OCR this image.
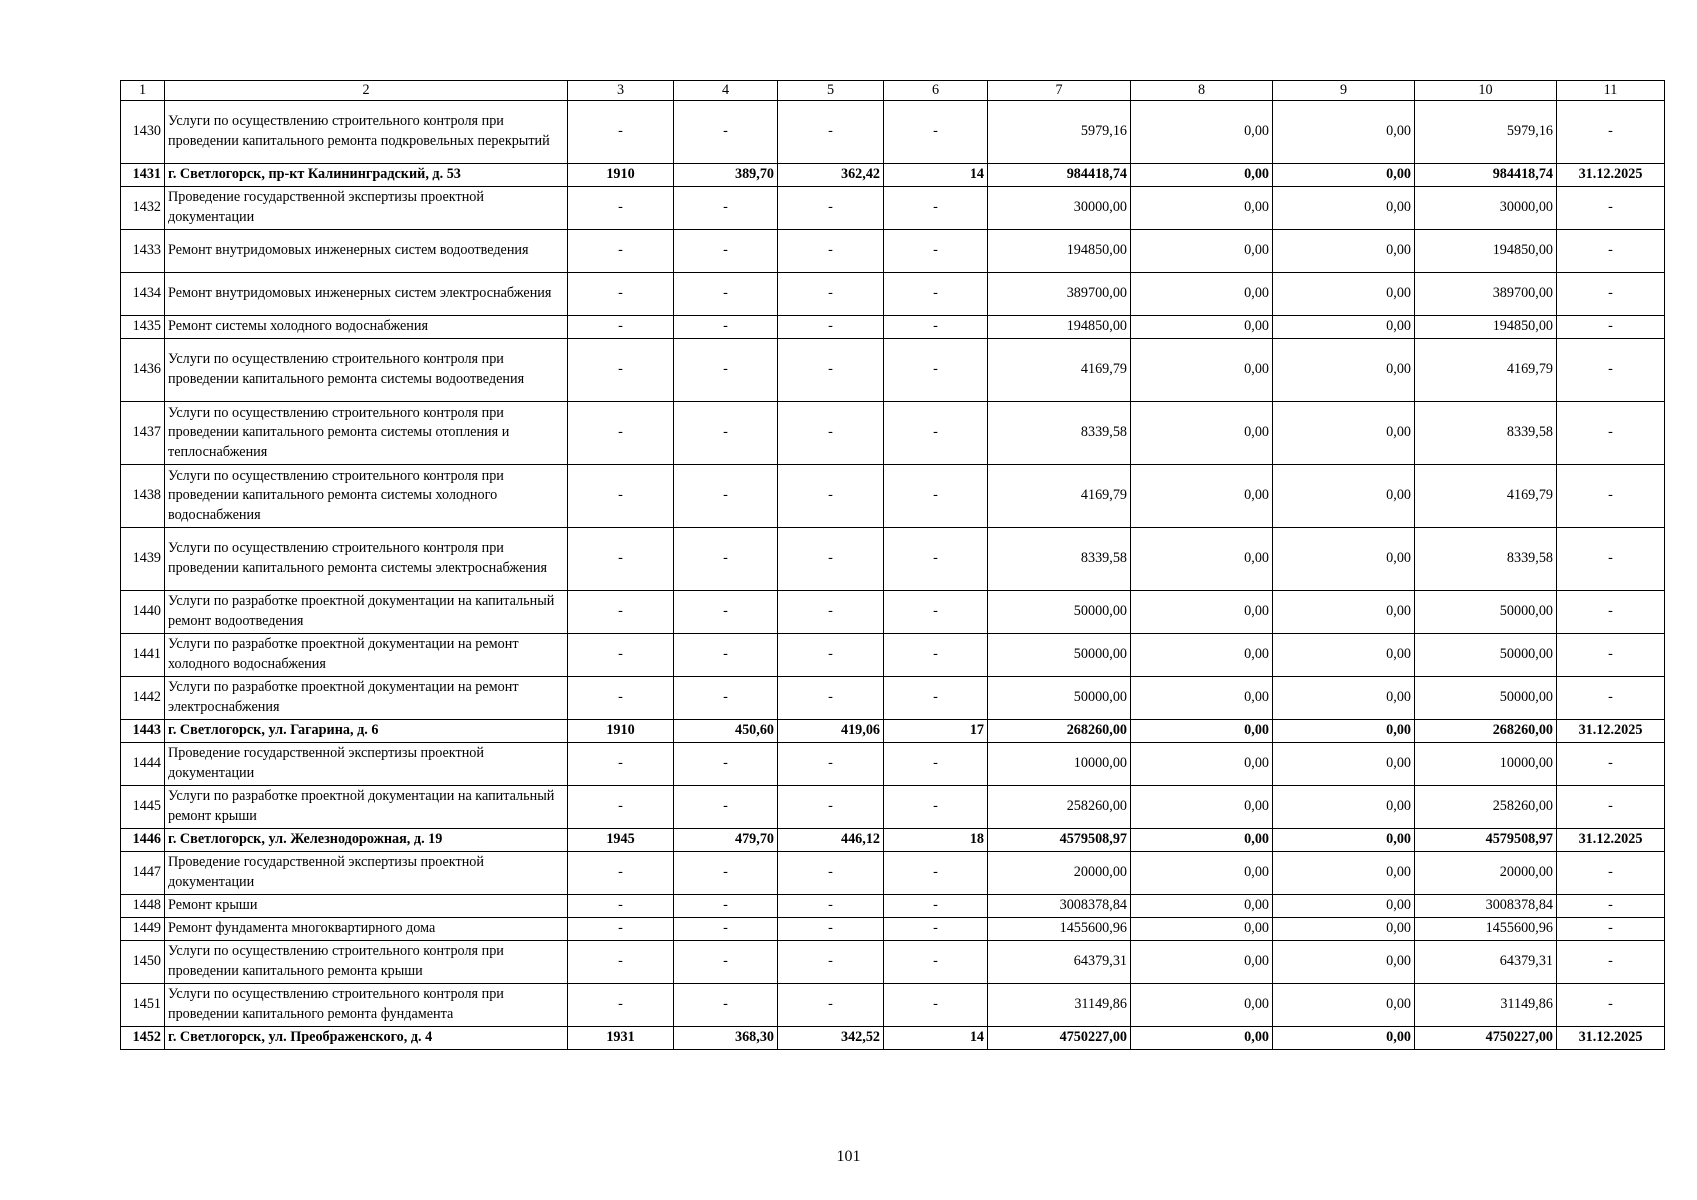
1	2	3	4	5	6	7	8	9	10	11
1430	Услуги по осуществлению строительного контроля при проведении капитального ремонта подкровельных перекрытий	-	-	-	-	5979,16	0,00	0,00	5979,16	-
1431	г. Светлогорск, пр-кт Калининградский, д. 53	1910	389,70	362,42	14	984418,74	0,00	0,00	984418,74	31.12.2025
1432	Проведение государственной экспертизы проектной документации	-	-	-	-	30000,00	0,00	0,00	30000,00	-
1433	Ремонт внутридомовых инженерных систем водоотведения	-	-	-	-	194850,00	0,00	0,00	194850,00	-
1434	Ремонт внутридомовых инженерных систем электроснабжения	-	-	-	-	389700,00	0,00	0,00	389700,00	-
1435	Ремонт системы холодного водоснабжения	-	-	-	-	194850,00	0,00	0,00	194850,00	-
1436	Услуги по осуществлению строительного контроля при проведении капитального ремонта системы водоотведения	-	-	-	-	4169,79	0,00	0,00	4169,79	-
1437	Услуги по осуществлению строительного контроля при проведении капитального ремонта системы отопления и теплоснабжения	-	-	-	-	8339,58	0,00	0,00	8339,58	-
1438	Услуги по осуществлению строительного контроля при проведении капитального ремонта системы холодного водоснабжения	-	-	-	-	4169,79	0,00	0,00	4169,79	-
1439	Услуги по осуществлению строительного контроля при проведении капитального ремонта системы электроснабжения	-	-	-	-	8339,58	0,00	0,00	8339,58	-
1440	Услуги по разработке проектной документации на капитальный ремонт водоотведения	-	-	-	-	50000,00	0,00	0,00	50000,00	-
1441	Услуги по разработке проектной документации на ремонт холодного водоснабжения	-	-	-	-	50000,00	0,00	0,00	50000,00	-
1442	Услуги по разработке проектной документации на ремонт электроснабжения	-	-	-	-	50000,00	0,00	0,00	50000,00	-
1443	г. Светлогорск, ул. Гагарина, д. 6	1910	450,60	419,06	17	268260,00	0,00	0,00	268260,00	31.12.2025
1444	Проведение государственной экспертизы проектной документации	-	-	-	-	10000,00	0,00	0,00	10000,00	-
1445	Услуги по разработке проектной документации на капитальный ремонт крыши	-	-	-	-	258260,00	0,00	0,00	258260,00	-
1446	г. Светлогорск, ул. Железнодорожная, д. 19	1945	479,70	446,12	18	4579508,97	0,00	0,00	4579508,97	31.12.2025
1447	Проведение государственной экспертизы проектной документации	-	-	-	-	20000,00	0,00	0,00	20000,00	-
1448	Ремонт крыши	-	-	-	-	3008378,84	0,00	0,00	3008378,84	-
1449	Ремонт фундамента многоквартирного дома	-	-	-	-	1455600,96	0,00	0,00	1455600,96	-
1450	Услуги по осуществлению строительного контроля при проведении капитального ремонта крыши	-	-	-	-	64379,31	0,00	0,00	64379,31	-
1451	Услуги по осуществлению строительного контроля при проведении капитального ремонта фундамента	-	-	-	-	31149,86	0,00	0,00	31149,86	-
1452	г. Светлогорск, ул. Преображенского, д. 4	1931	368,30	342,52	14	4750227,00	0,00	0,00	4750227,00	31.12.2025
101
